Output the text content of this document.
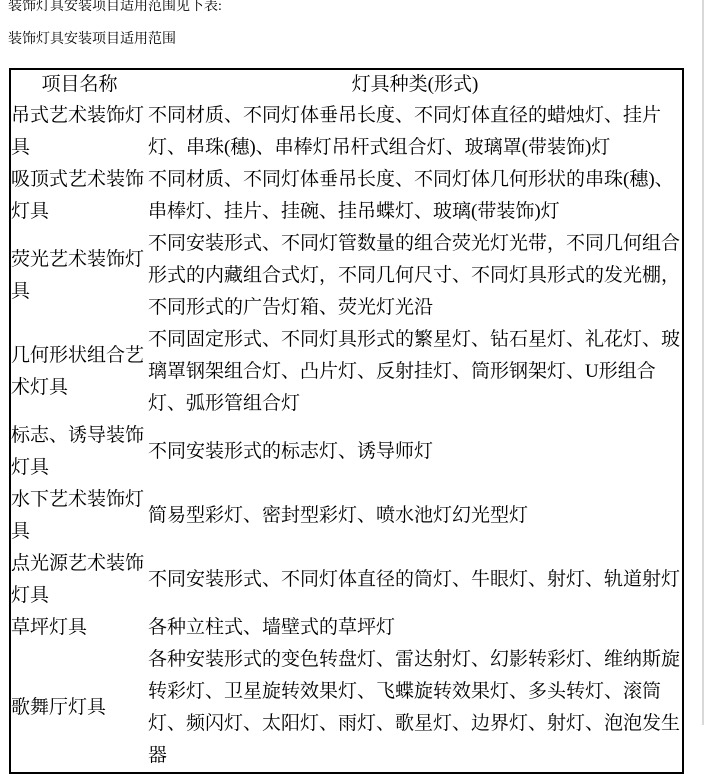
装饰灯具安装项目适用范围见下表:

装饰灯具安装项目适用范围

项目名称	灯具种类(形式)
吊式艺术装饰灯具	不同材质、不同灯体垂吊长度、不同灯体直径的蜡烛灯、挂片灯、串珠(穗)、串棒灯吊杆式组合灯、玻璃罩(带装饰)灯
吸顶式艺术装饰灯具	不同材质、不同灯体垂吊长度、不同灯体几何形状的串珠(穗)、串棒灯、挂片、挂碗、挂吊蝶灯、玻璃(带装饰)灯
荧光艺术装饰灯具	不同安装形式、不同灯管数量的组合荧光灯光带，不同几何组合形式的内藏组合式灯，不同几何尺寸、不同灯具形式的发光棚，不同形式的广告灯箱、荧光灯光沿
几何形状组合艺术灯具	不同固定形式、不同灯具形式的繁星灯、钻石星灯、礼花灯、玻璃罩钢架组合灯、凸片灯、反射挂灯、筒形钢架灯、U形组合灯、弧形管组合灯
标志、诱导装饰灯具	不同安装形式的标志灯、诱导师灯
水下艺术装饰灯具	简易型彩灯、密封型彩灯、喷水池灯幻光型灯
点光源艺术装饰灯具	不同安装形式、不同灯体直径的筒灯、牛眼灯、射灯、轨道射灯
草坪灯具	各种立柱式、墙壁式的草坪灯
歌舞厅灯具	各种安装形式的变色转盘灯、雷达射灯、幻影转彩灯、维纳斯旋转彩灯、卫星旋转效果灯、飞蝶旋转效果灯、多头转灯、滚筒灯、频闪灯、太阳灯、雨灯、歌星灯、边界灯、射灯、泡泡发生器
